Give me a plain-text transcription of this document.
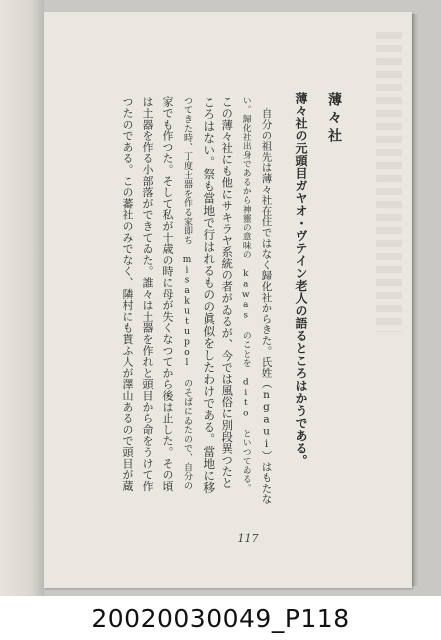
薄々社
薄々社の元頭目ガヤオ・ヴテイン老人の語るところはかうである。
自分の祖先は薄々社在住ではなく歸化社からきた。氏姓（ngaui）はもたな
い。歸化社出身であるから神靈の意味の kawas のことを dito といつてゐる。
この薄々社にも他にサキラヤ系統の者がゐるが、今では風俗に別段異つたと
ころはない。祭も當地で行はれるものの眞似をしたわけである。當地に移
つてきた時、丁度土器を作る家即ち misakutupol のそばにゐたので、自分の
家でも作つた。そして私が十歳の時に母が失くなつてから後は止した。その頃
は土器を作る小部落ができてゐた。誰々は土器を作れと頭目から命をうけて作
つたのである。この蕃社のみでなく、隣村にも貰ふ人が澤山あるので頭目が蔵
117
20020030049_P118
